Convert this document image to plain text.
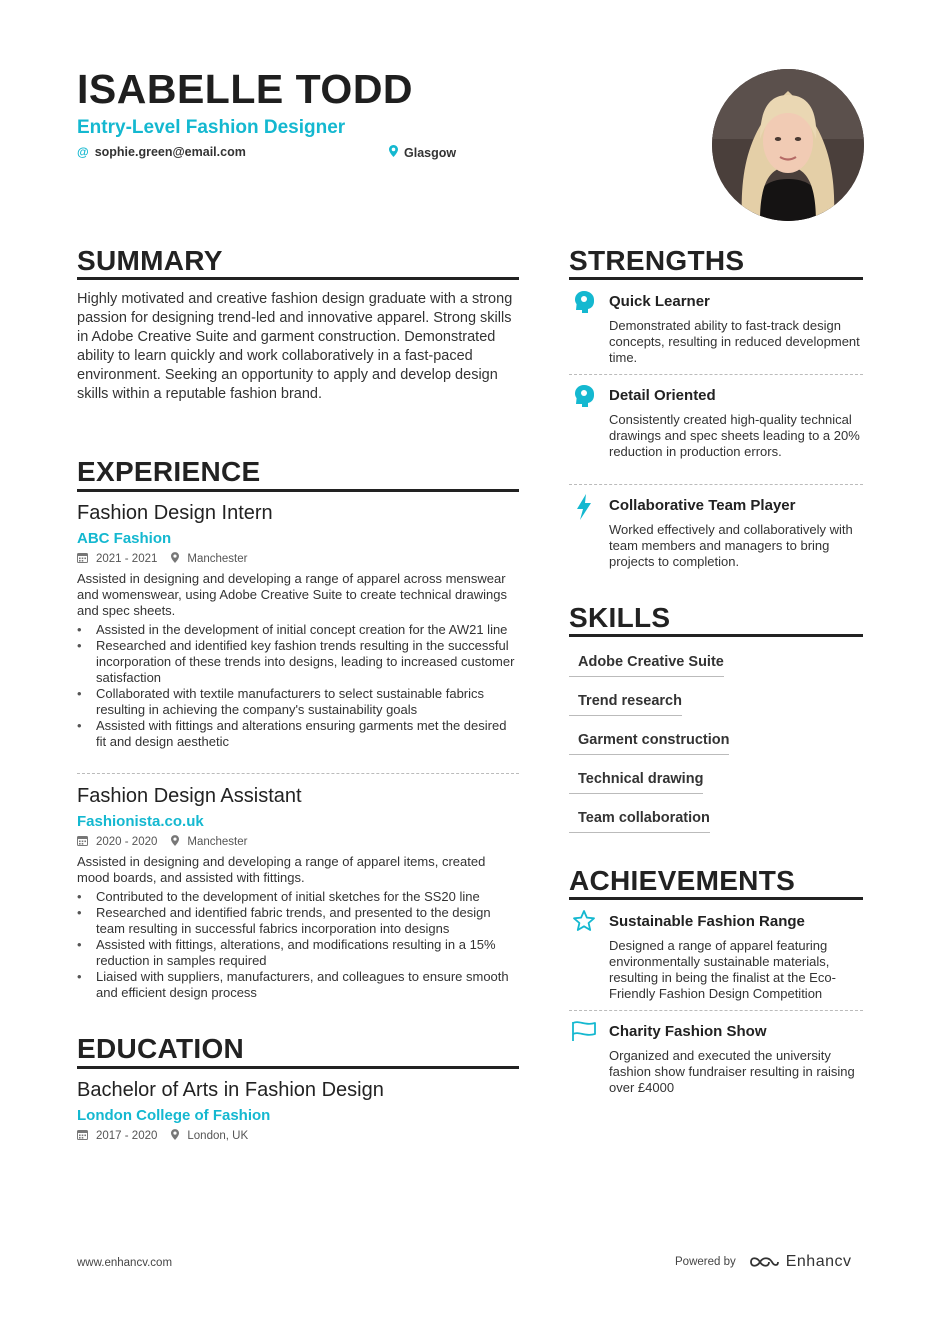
ISABELLE TODD
Entry-Level Fashion Designer
@ sophie.green@email.com	Glasgow
SUMMARY
Highly motivated and creative fashion design graduate with a strong passion for designing trend-led and innovative apparel. Strong skills in Adobe Creative Suite and garment construction. Demonstrated ability to learn quickly and work collaboratively in a fast-paced environment. Seeking an opportunity to apply and develop design skills within a reputable fashion brand.
EXPERIENCE
Fashion Design Intern
ABC Fashion
2021 - 2021	Manchester
Assisted in designing and developing a range of apparel across menswear and womenswear, using Adobe Creative Suite to create technical drawings and spec sheets.
• Assisted in the development of initial concept creation for the AW21 line
• Researched and identified key fashion trends resulting in the successful incorporation of these trends into designs, leading to increased customer satisfaction
• Collaborated with textile manufacturers to select sustainable fabrics resulting in achieving the company's sustainability goals
• Assisted with fittings and alterations ensuring garments met the desired fit and design aesthetic
Fashion Design Assistant
Fashionista.co.uk
2020 - 2020	Manchester
Assisted in designing and developing a range of apparel items, created mood boards, and assisted with fittings.
• Contributed to the development of initial sketches for the SS20 line
• Researched and identified fabric trends, and presented to the design team resulting in successful fabrics incorporation into designs
• Assisted with fittings, alterations, and modifications resulting in a 15% reduction in samples required
• Liaised with suppliers, manufacturers, and colleagues to ensure smooth and efficient design process
EDUCATION
Bachelor of Arts in Fashion Design
London College of Fashion
2017 - 2020	London, UK
STRENGTHS
Quick Learner
Demonstrated ability to fast-track design concepts, resulting in reduced development time.
Detail Oriented
Consistently created high-quality technical drawings and spec sheets leading to a 20% reduction in production errors.
Collaborative Team Player
Worked effectively and collaboratively with team members and managers to bring projects to completion.
SKILLS
Adobe Creative Suite
Trend research
Garment construction
Technical drawing
Team collaboration
ACHIEVEMENTS
Sustainable Fashion Range
Designed a range of apparel featuring environmentally sustainable materials, resulting in being the finalist at the Eco-Friendly Fashion Design Competition
Charity Fashion Show
Organized and executed the university fashion show fundraiser resulting in raising over £4000
www.enhancv.com	Powered by	Enhancv
